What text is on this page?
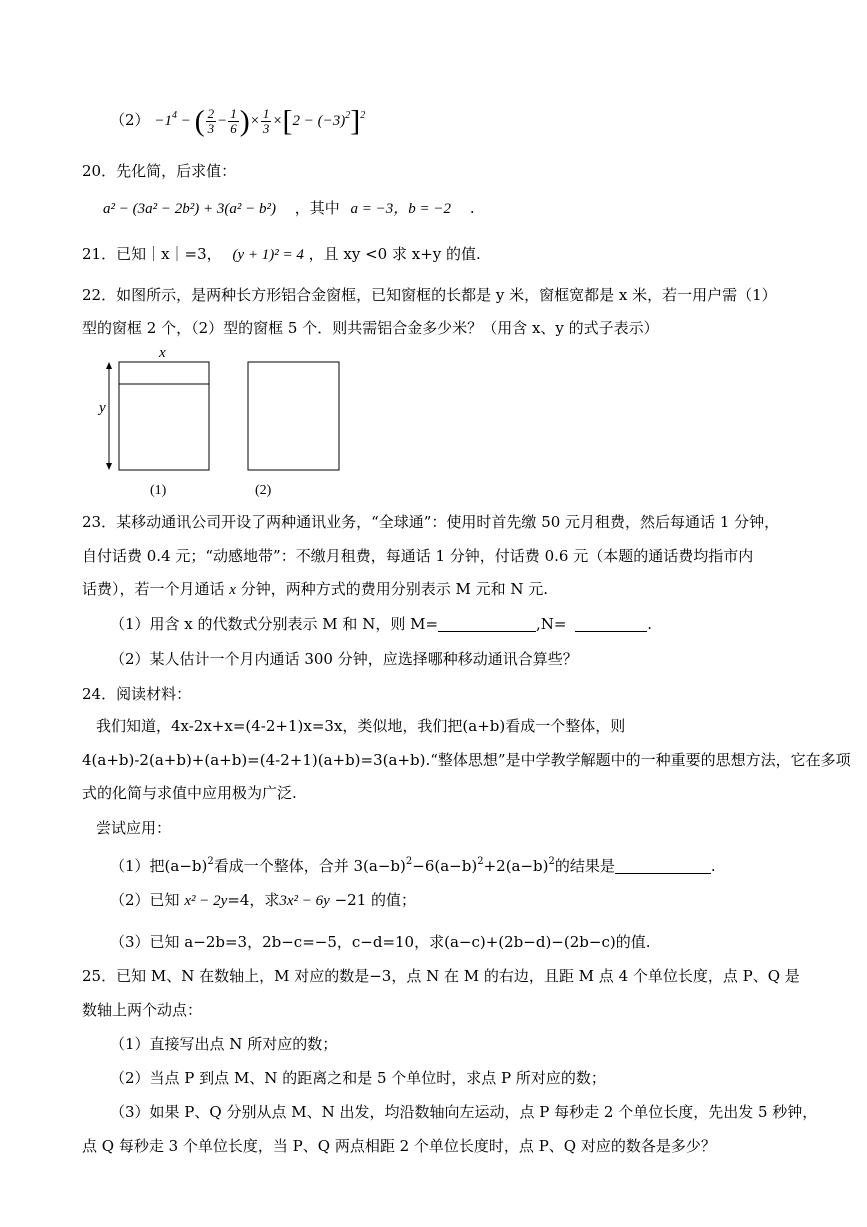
$(2) -1^4$ − ( $\frac{2}{3} - \frac{1}{6}$ )× $\frac{1}{3} \times[2 - (-3)^2]^2$
20．先化简，后求值：
a² − (3a² − 2b²) + 3(a² − b²) ，其中 a = −3，b = −2 .
21．已知｜x｜=3， (y + 1)² = 4 ，且 xy <0 求 x+y 的值.
22．如图所示，是两种长方形铝合金窗框，已知窗框的长都是 y 米，窗框宽都是 x 米，若一用户需（1）
型的窗框 2 个，（2）型的窗框 5 个．则共需铝合金多少米？（用含 x、y 的式子表示）
y
x
(1)	(2)
23．某移动通讯公司开设了两种通讯业务，“全球通”：使用时首先缴 50 元月租费，然后每通话 1 分钟，
自付话费 0.4 元；“动感地带”：不缴月租费，每通话 1 分钟，付话费 0.6 元（本题的通话费均指市内
话费），若一个月通话 x 分钟，两种方式的费用分别表示 M 元和 N 元.
（1）用含 x 的代数式分别表示 M 和 N，则 M=	,N=	.
（2）某人估计一个月内通话 300 分钟，应选择哪种移动通讯合算些？
24．阅读材料：
我们知道，4x-2x+x=(4-2+1)x=3x，类似地，我们把(a+b)看成一个整体，则
4(a+b)-2(a+b)+(a+b)=(4-2+1)(a+b)=3(a+b).“整体思想”是中学教学解题中的一种重要的思想方法，它在多项
式的化简与求值中应用极为广泛.
尝试应用：
（1）把$(a-b)^2$看成一个整体，合并 $3(a-b)^2-6(a-b)^2+2(a-b)^2$的结果是	.
（2）已知 x² − 2y=4，求3x² − 6y −21 的值；
（3）已知 a−2b=3，2b−c=−5，c−d=10，求(a−c)+(2b−d)−(2b−c)的值.
25．已知 M、N 在数轴上，M 对应的数是−3，点 N 在 M 的右边，且距 M 点 4 个单位长度，点 P、Q 是
数轴上两个动点：
（1）直接写出点 N 所对应的数；
（2）当点 P 到点 M、N 的距离之和是 5 个单位时，求点 P 所对应的数；
（3）如果 P、Q 分别从点 M、N 出发，均沿数轴向左运动，点 P 每秒走 2 个单位长度，先出发 5 秒钟，
点 Q 每秒走 3 个单位长度，当 P、Q 两点相距 2 个单位长度时，点 P、Q 对应的数各是多少？
